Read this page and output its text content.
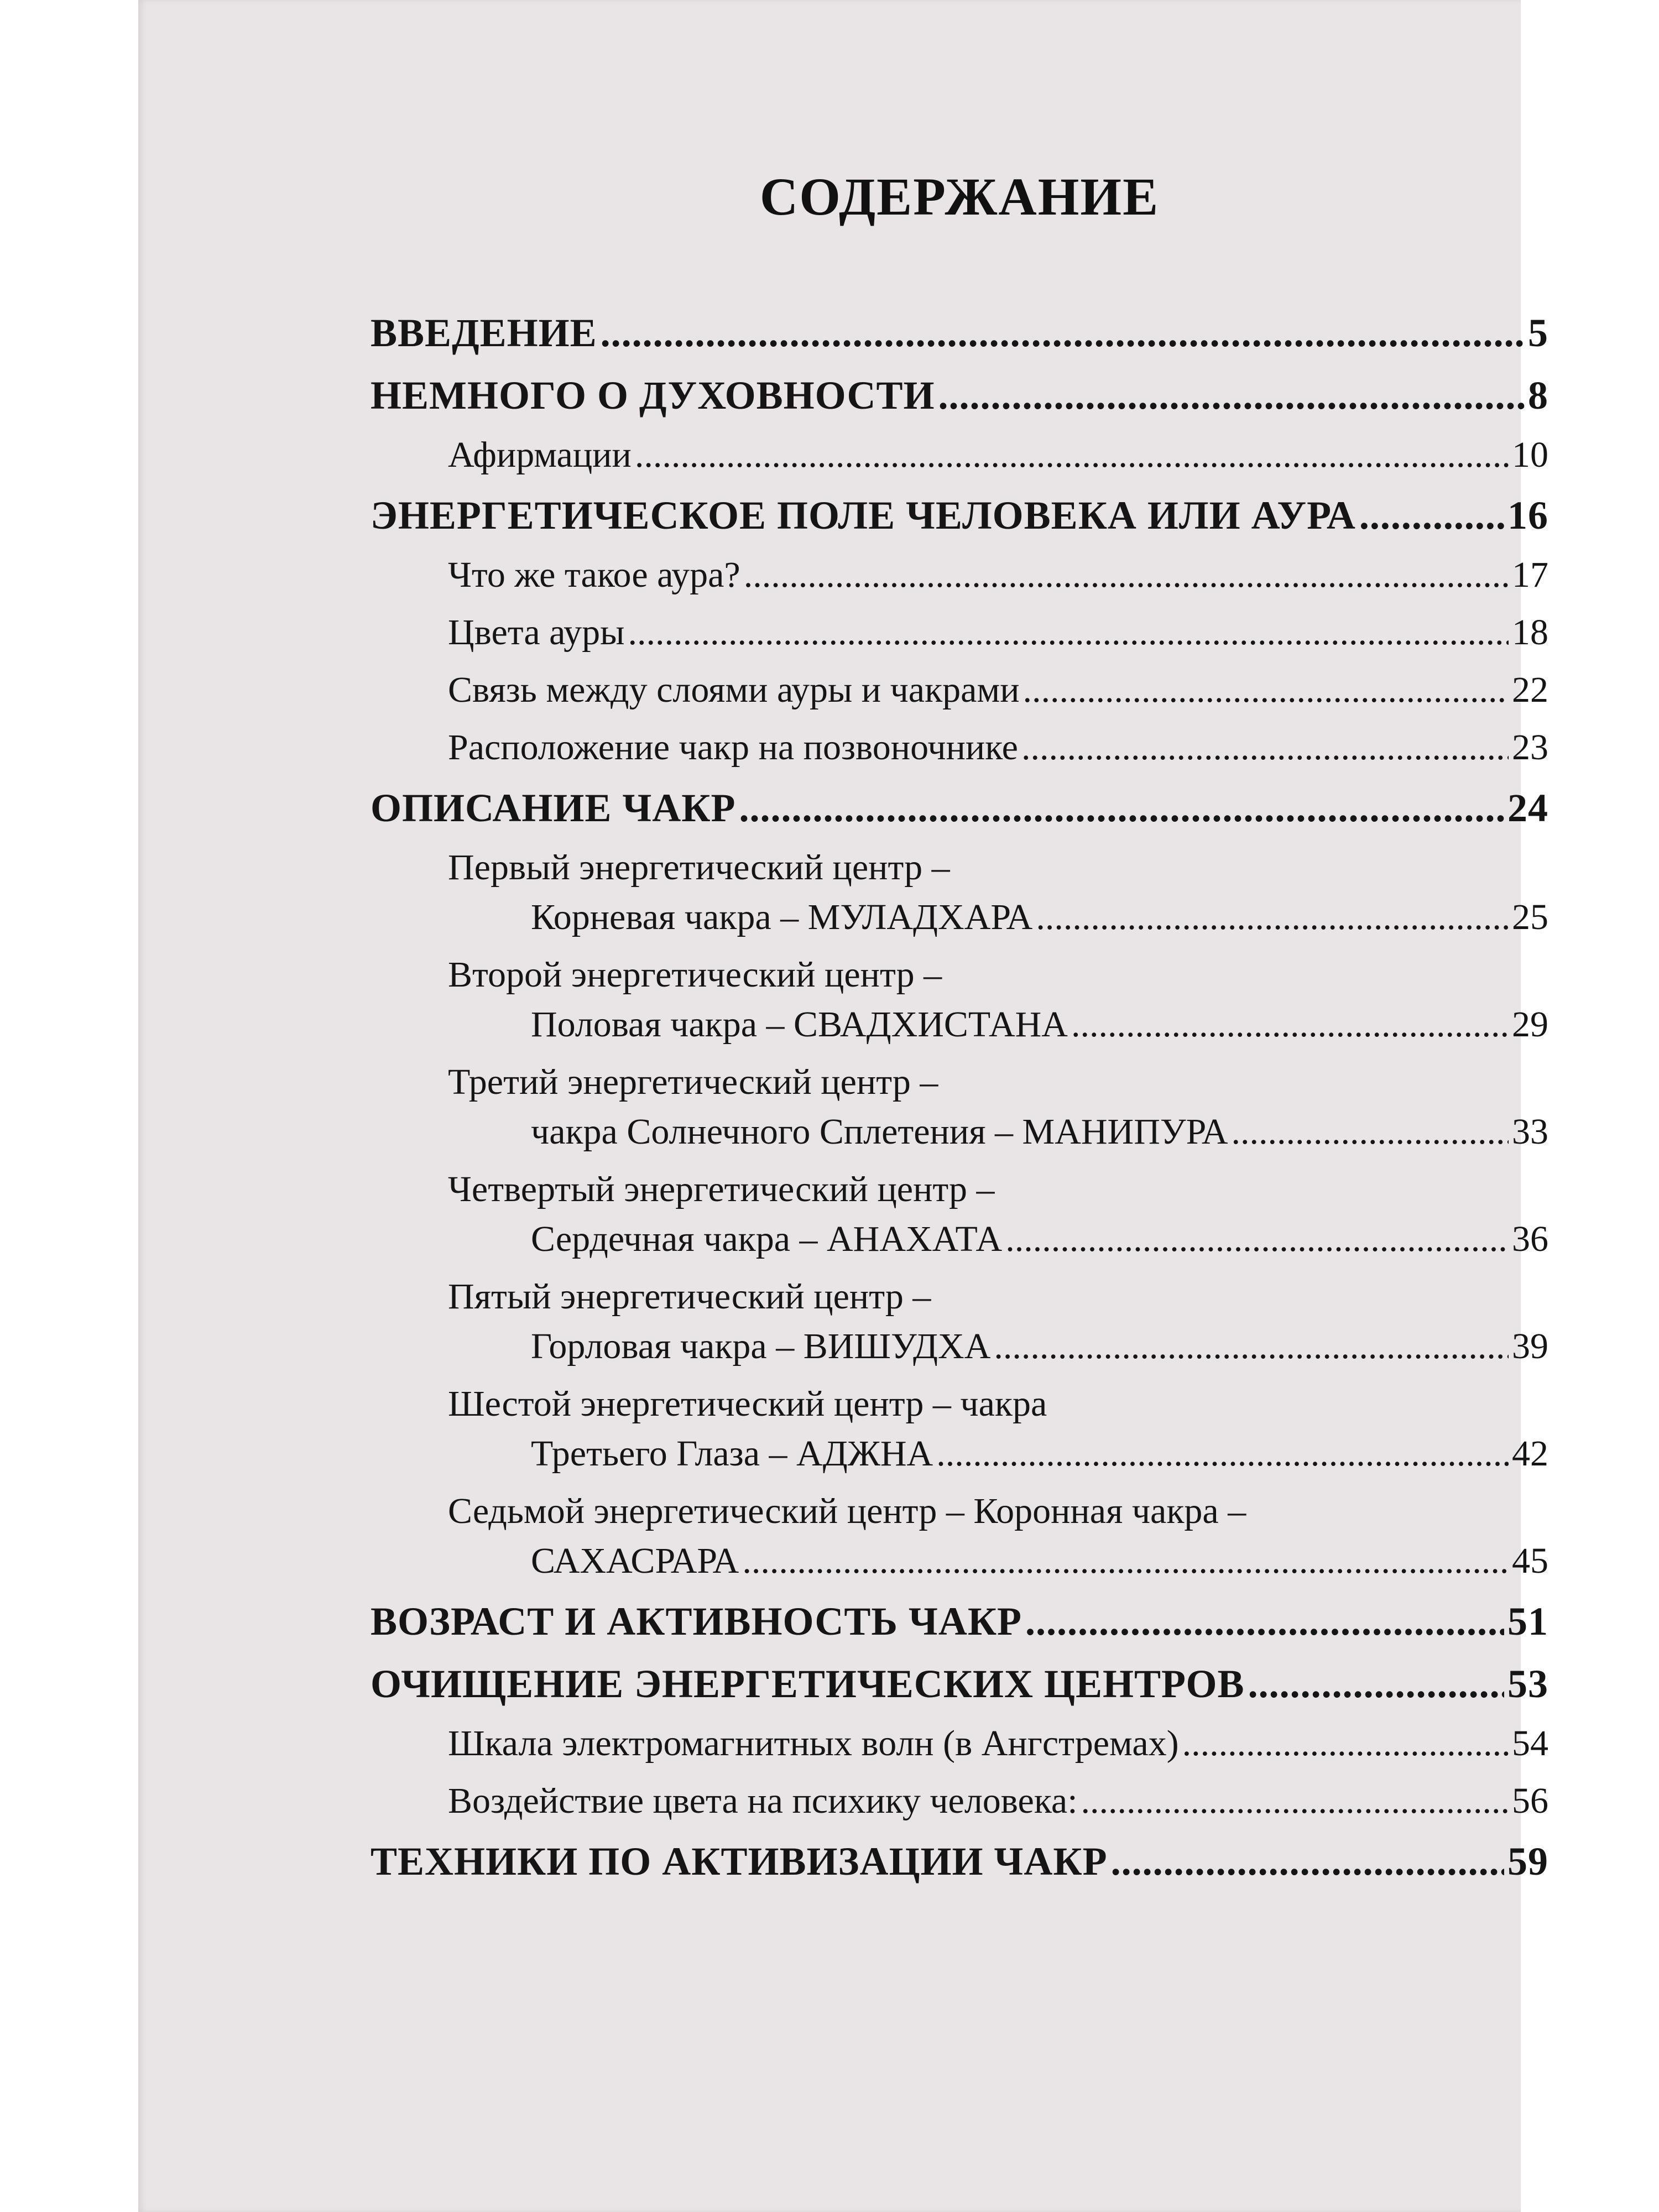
СОДЕРЖАНИЕ
ВВЕДЕНИЕ .....	5
НЕМНОГО О ДУХОВНОСТИ .....	8
Афирмации .....	10
ЭНЕРГЕТИЧЕСКОЕ ПОЛЕ ЧЕЛОВЕКА ИЛИ АУРА .....	16
Что же такое аура? .....	17
Цвета ауры .....	18
Связь между слоями ауры и чакрами .....	22
Расположение чакр на позвоночнике .....	23
ОПИСАНИЕ ЧАКР .....	24
Первый энергетический центр –
Корневая чакра – МУЛАДХАРА .....	25
Второй энергетический центр –
Половая чакра – СВАДХИСТАНА .....	29
Третий энергетический центр –
чакра Солнечного Сплетения – МАНИПУРА .....	33
Четвертый энергетический центр –
Сердечная чакра – АНАХАТА .....	36
Пятый энергетический центр –
Горловая чакра – ВИШУДХА .....	39
Шестой энергетический центр – чакра
Третьего Глаза – АДЖНА .....	42
Седьмой энергетический центр – Коронная чакра –
САХАСРАРА .....	45
ВОЗРАСТ И АКТИВНОСТЬ ЧАКР .....	51
ОЧИЩЕНИЕ ЭНЕРГЕТИЧЕСКИХ ЦЕНТРОВ .....	53
Шкала электромагнитных волн (в Ангстремах) .....	54
Воздействие цвета на психику человека: .....	56
ТЕХНИКИ ПО АКТИВИЗАЦИИ ЧАКР .....	59
